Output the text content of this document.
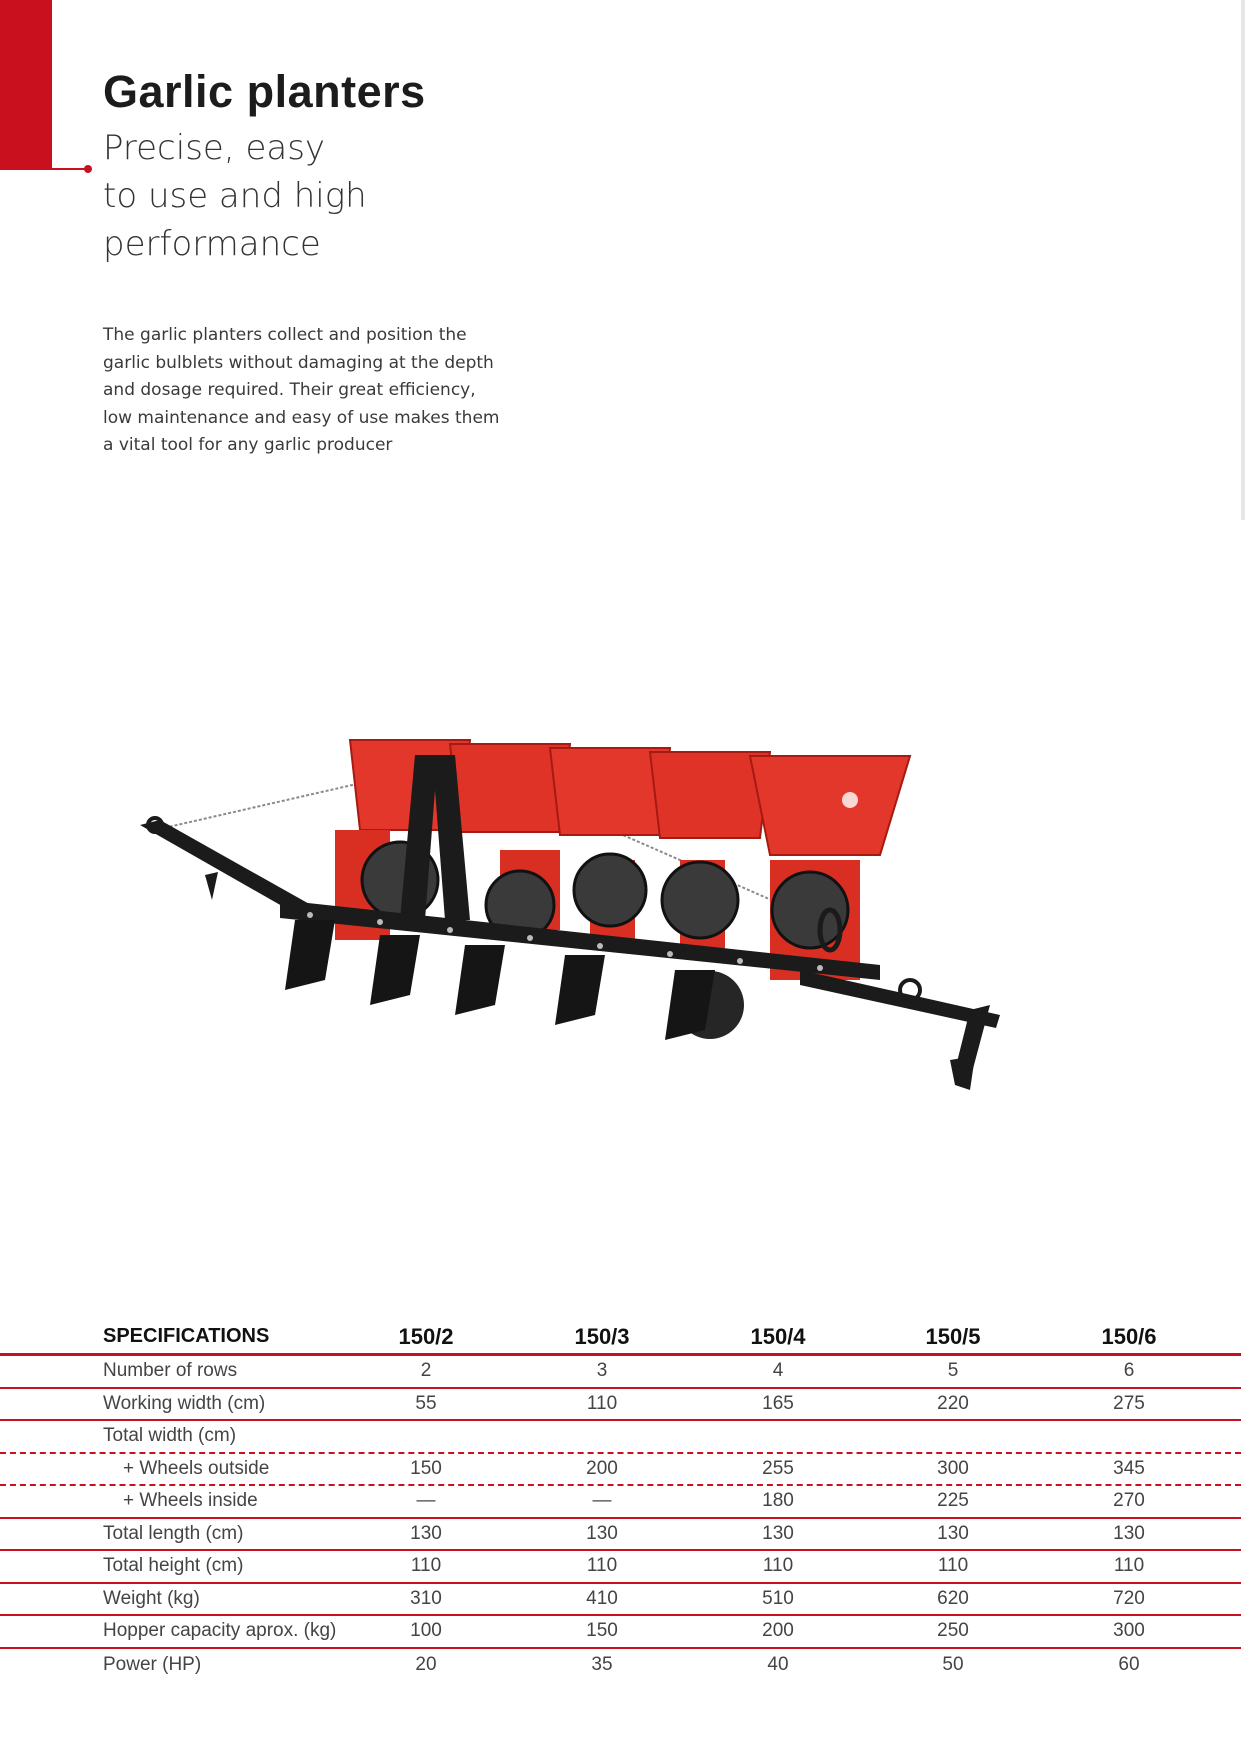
Garlic planters
Precise, easy
to use and high
performance
The garlic planters collect and position the
garlic bulblets without damaging at the depth
and dosage required. Their great efficiency,
low maintenance and easy of use makes them
a vital tool for any garlic producer
SPECIFICATIONS	150/2	150/3	150/4	150/5	150/6
Number of rows	2	3	4	5	6
Working width (cm)	55	110	165	220	275
Total width (cm)
+ Wheels outside	150	200	255	300	345
+ Wheels inside	—	—	180	225	270
Total length (cm)	130	130	130	130	130
Total height (cm)	110	110	110	110	110
Weight (kg)	310	410	510	620	720
Hopper capacity aprox. (kg)	100	150	200	250	300
Power (HP)	20	35	40	50	60
